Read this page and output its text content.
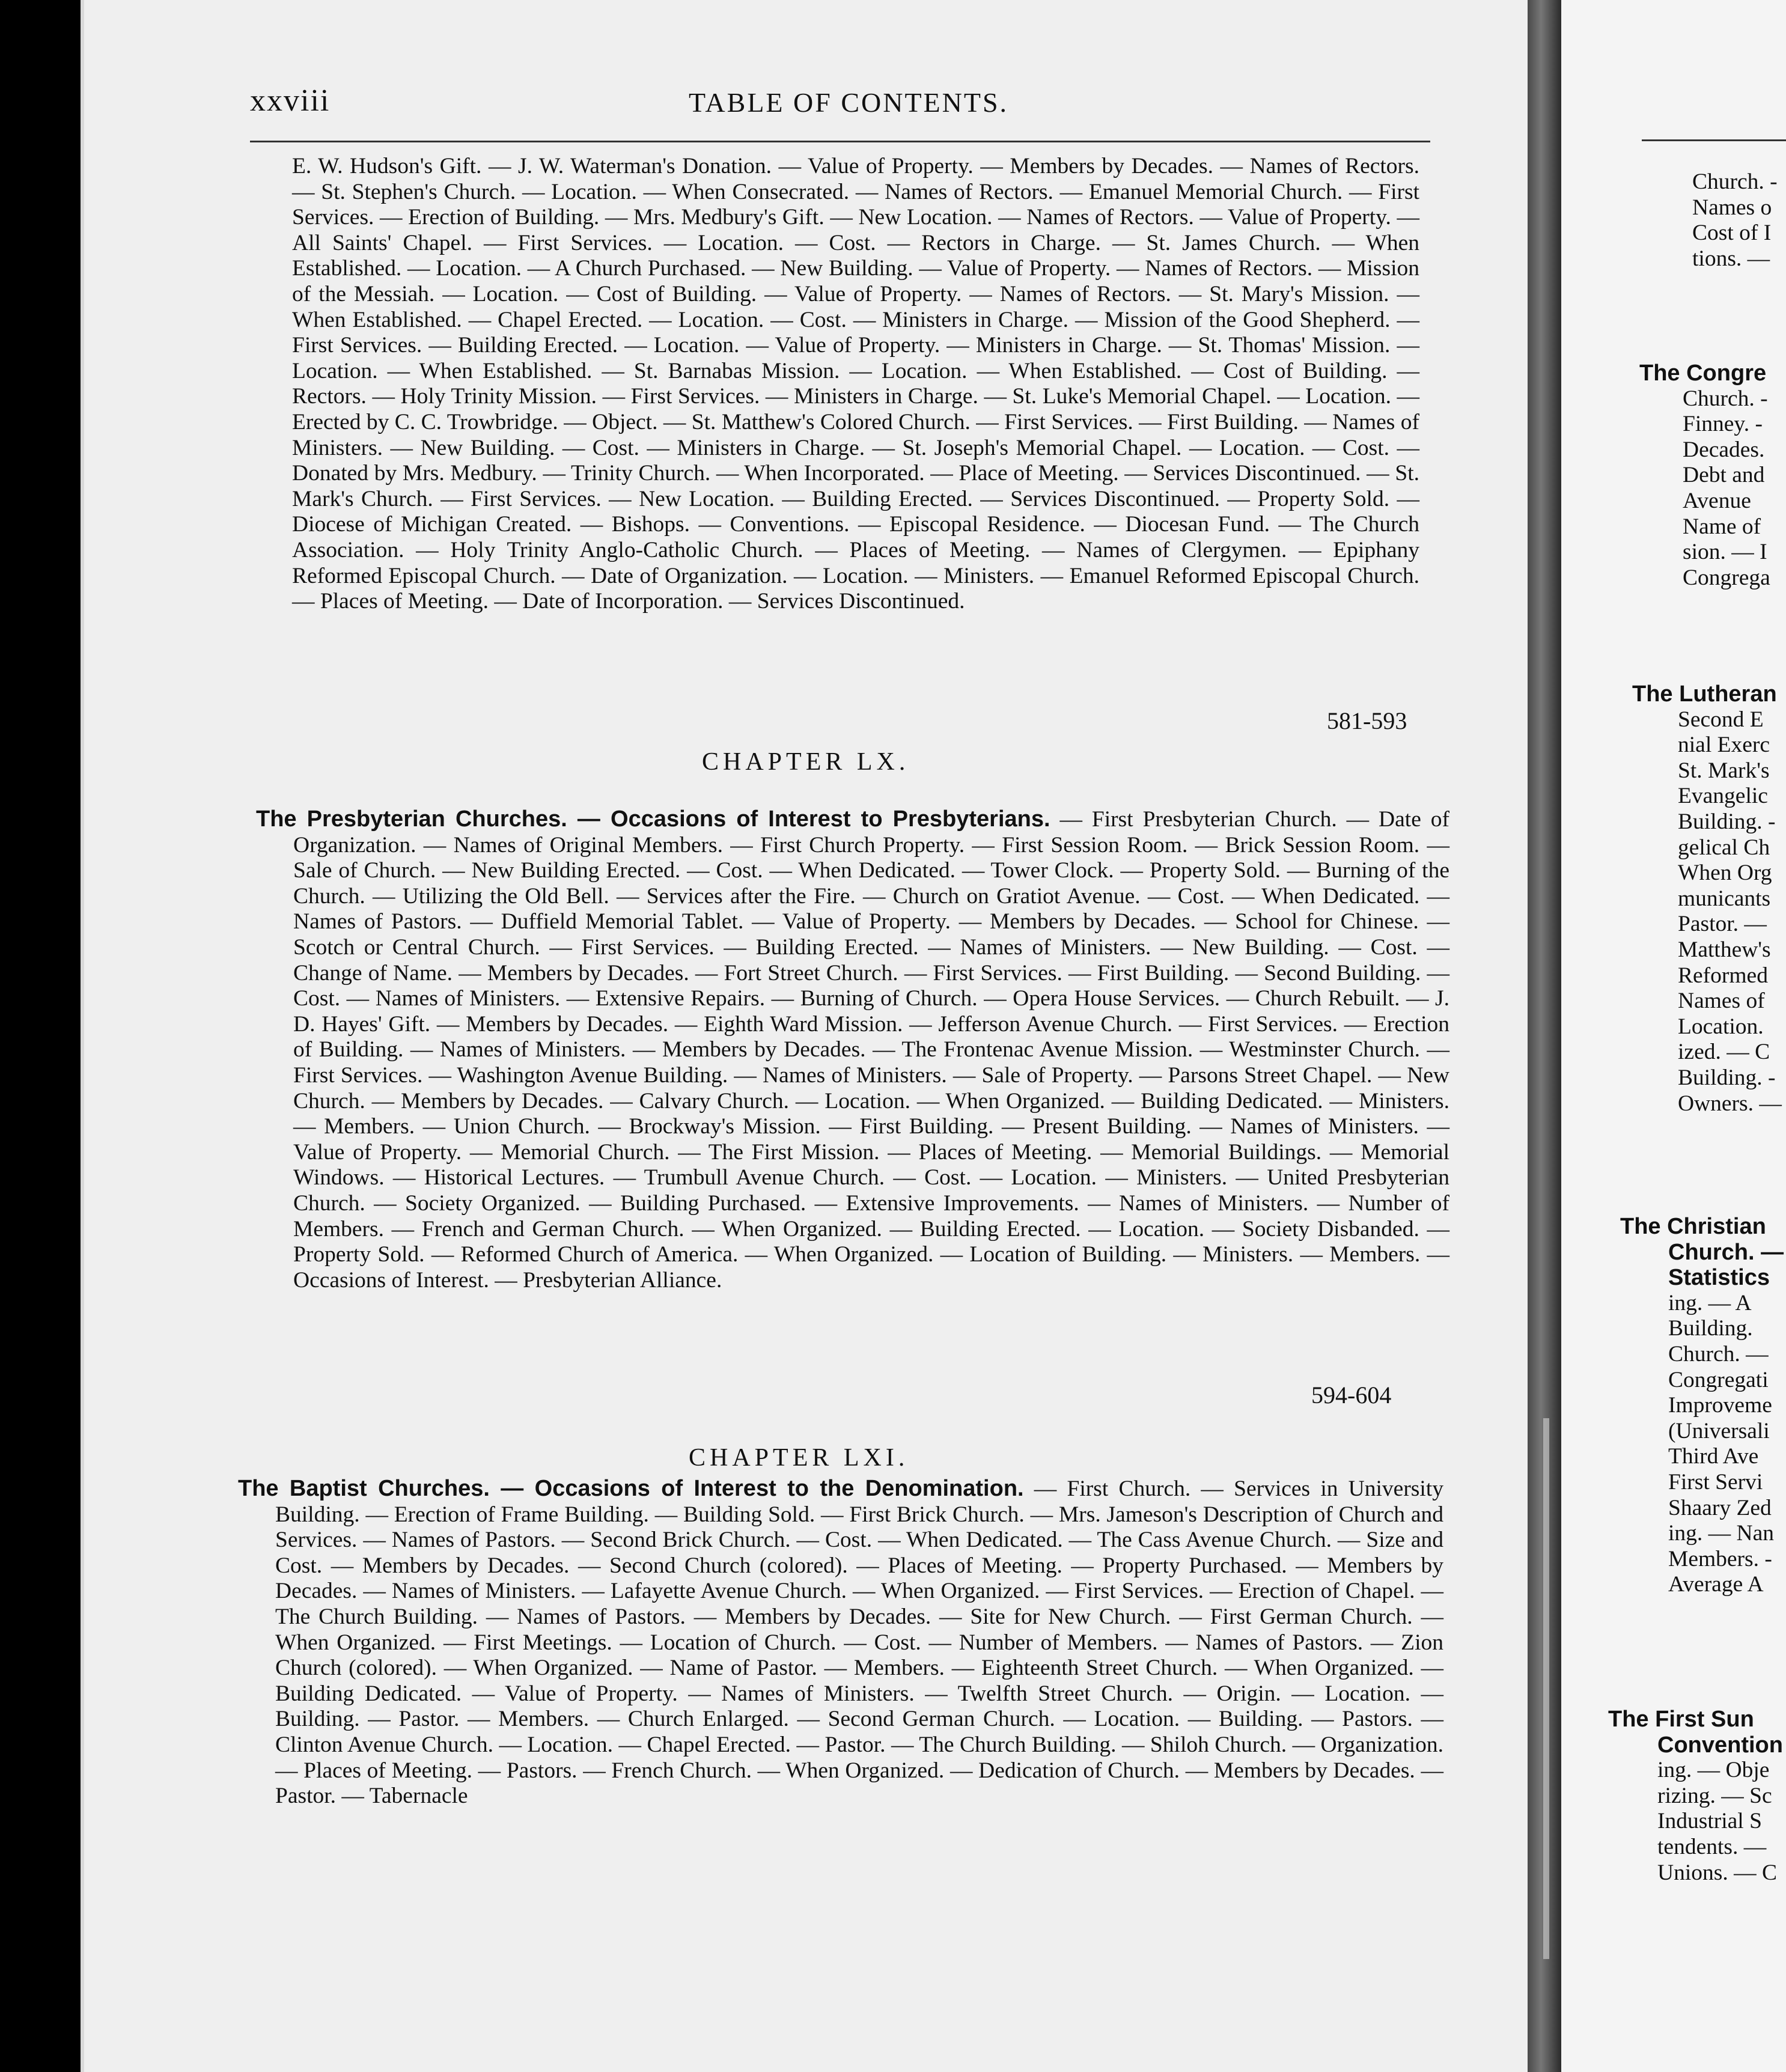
xxviii	TABLE OF CONTENTS.
E. W. Hudson's Gift. — J. W. Waterman's Donation. — Value of Property. — Members by Decades. — Names of Rectors. — St. Stephen's Church. — Location. — When Consecrated. — Names of Rectors. — Emanuel Memorial Church. — First Services. — Erection of Building. — Mrs. Medbury's Gift. — New Location. — Names of Rectors. — Value of Property. — All Saints' Chapel. — First Services. — Location. — Cost. — Rectors in Charge. — St. James Church. — When Established. — Location. — A Church Purchased. — New Building. — Value of Property. — Names of Rectors. — Mission of the Messiah. — Location. — Cost of Building. — Value of Property. — Names of Rectors. — St. Mary's Mission. — When Established. — Chapel Erected. — Location. — Cost. — Ministers in Charge. — Mission of the Good Shepherd. — First Services. — Building Erected. — Location. — Value of Property. — Ministers in Charge. — St. Thomas' Mission. — Location. — When Established. — St. Barnabas Mission. — Location. — When Established. — Cost of Building. — Rectors. — Holy Trinity Mission. — First Services. — Ministers in Charge. — St. Luke's Memorial Chapel. — Location. — Erected by C. C. Trowbridge. — Object. — St. Matthew's Colored Church. — First Services. — First Building. — Names of Ministers. — New Building. — Cost. — Ministers in Charge. — St. Joseph's Memorial Chapel. — Location. — Cost. — Donated by Mrs. Medbury. — Trinity Church. — When Incorporated. — Place of Meeting. — Services Discontinued. — St. Mark's Church. — First Services. — New Location. — Building Erected. — Services Discontinued. — Property Sold. — Diocese of Michigan Created. — Bishops. — Conventions. — Episcopal Residence. — Diocesan Fund. — The Church Association. — Holy Trinity Anglo-Catholic Church. — Places of Meeting. — Names of Clergymen. — Epiphany Reformed Episcopal Church. — Date of Organization. — Location. — Ministers. — Emanuel Reformed Episcopal Church. — Places of Meeting. — Date of Incorporation. — Services Discontinued.
581-593
CHAPTER LX.
The Presbyterian Churches. — Occasions of Interest to Presbyterians. — First Presbyterian Church. — Date of Organization. — Names of Original Members. — First Church Property. — First Session Room. — Brick Session Room. — Sale of Church. — New Building Erected. — Cost. — When Dedicated. — Tower Clock. — Property Sold. — Burning of the Church. — Utilizing the Old Bell. — Services after the Fire. — Church on Gratiot Avenue. — Cost. — When Dedicated. — Names of Pastors. — Duffield Memorial Tablet. — Value of Property. — Members by Decades. — School for Chinese. — Scotch or Central Church. — First Services. — Building Erected. — Names of Ministers. — New Building. — Cost. — Change of Name. — Members by Decades. — Fort Street Church. — First Services. — First Building. — Second Building. — Cost. — Names of Ministers. — Extensive Repairs. — Burning of Church. — Opera House Services. — Church Rebuilt. — J. D. Hayes' Gift. — Members by Decades. — Eighth Ward Mission. — Jefferson Avenue Church. — First Services. — Erection of Building. — Names of Ministers. — Members by Decades. — The Frontenac Avenue Mission. — Westminster Church. — First Services. — Washington Avenue Building. — Names of Ministers. — Sale of Property. — Parsons Street Chapel. — New Church. — Members by Decades. — Calvary Church. — Location. — When Organized. — Building Dedicated. — Ministers. — Members. — Union Church. — Brockway's Mission. — First Building. — Present Building. — Names of Ministers. — Value of Property. — Memorial Church. — The First Mission. — Places of Meeting. — Memorial Buildings. — Memorial Windows. — Historical Lectures. — Trumbull Avenue Church. — Cost. — Location. — Ministers. — United Presbyterian Church. — Society Organized. — Building Purchased. — Extensive Improvements. — Names of Ministers. — Number of Members. — French and German Church. — When Organized. — Building Erected. — Location. — Society Disbanded. — Property Sold. — Reformed Church of America. — When Organized. — Location of Building. — Ministers. — Members. — Occasions of Interest. — Presbyterian Alliance.
594-604
CHAPTER LXI.
The Baptist Churches. — Occasions of Interest to the Denomination. — First Church. — Services in University Building. — Erection of Frame Building. — Building Sold. — First Brick Church. — Mrs. Jameson's Description of Church and Services. — Names of Pastors. — Second Brick Church. — Cost. — When Dedicated. — The Cass Avenue Church. — Size and Cost. — Members by Decades. — Second Church (colored). — Places of Meeting. — Property Purchased. — Members by Decades. — Names of Ministers. — Lafayette Avenue Church. — When Organized. — First Services. — Erection of Chapel. — The Church Building. — Names of Pastors. — Members by Decades. — Site for New Church. — First German Church. — When Organized. — First Meetings. — Location of Church. — Cost. — Number of Members. — Names of Pastors. — Zion Church (colored). — When Organized. — Name of Pastor. — Members. — Eighteenth Street Church. — When Organized. — Building Dedicated. — Value of Property. — Names of Ministers. — Twelfth Street Church. — Origin. — Location. — Building. — Pastor. — Members. — Church Enlarged. — Second German Church. — Location. — Building. — Pastors. — Clinton Avenue Church. — Location. — Chapel Erected. — Pastor. — The Church Building. — Shiloh Church. — Organization. — Places of Meeting. — Pastors. — French Church. — When Organized. — Dedication of Church. — Members by Decades. — Pastor. — Tabernacle
Church. -
Names o
Cost of I
tions. —
The Congre
Church. -
Finney. -
Decades.
Debt and
Avenue
Name of
sion. — I
Congrega
The Lutheran
Second E
nial Exerc
St. Mark's
Evangelic
Building. -
gelical Ch
When Org
municants
Pastor. —
Matthew's
Reformed
Names of
Location.
ized. — C
Building. -
Owners. —
The Christian
Church. —
Statistics
ing. — A
Building.
Church. —
Congregati
Improveme
(Universali
Third Ave
First Servi
Shaary Zed
ing. — Nan
Members. -
Average A
The First Sun
Convention
ing. — Obje
rizing. — Sc
Industrial S
tendents. —
Unions. — C
